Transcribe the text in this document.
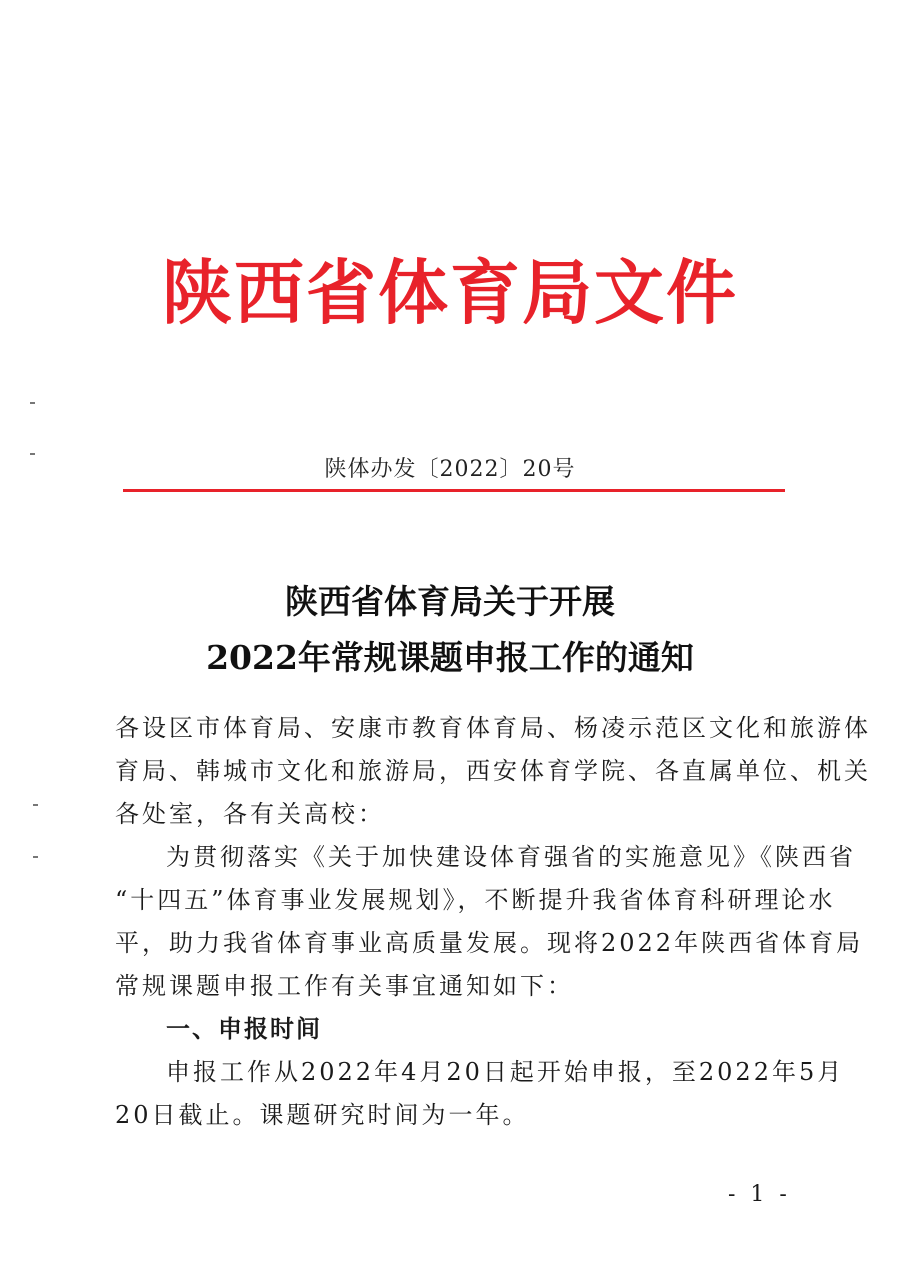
陕西省体育局文件
陕体办发〔2022〕20号
陕西省体育局关于开展
2022年常规课题申报工作的通知
各设区市体育局、安康市教育体育局、杨凌示范区文化和旅游体
育局、韩城市文化和旅游局，西安体育学院、各直属单位、机关
各处室，各有关高校：
为贯彻落实《关于加快建设体育强省的实施意见》《陕西省
“十四五”体育事业发展规划》，不断提升我省体育科研理论水
平，助力我省体育事业高质量发展。现将2022年陕西省体育局
常规课题申报工作有关事宜通知如下：
一、申报时间
申报工作从2022年4月20日起开始申报，至2022年5月
20日截止。课题研究时间为一年。
- 1 -
